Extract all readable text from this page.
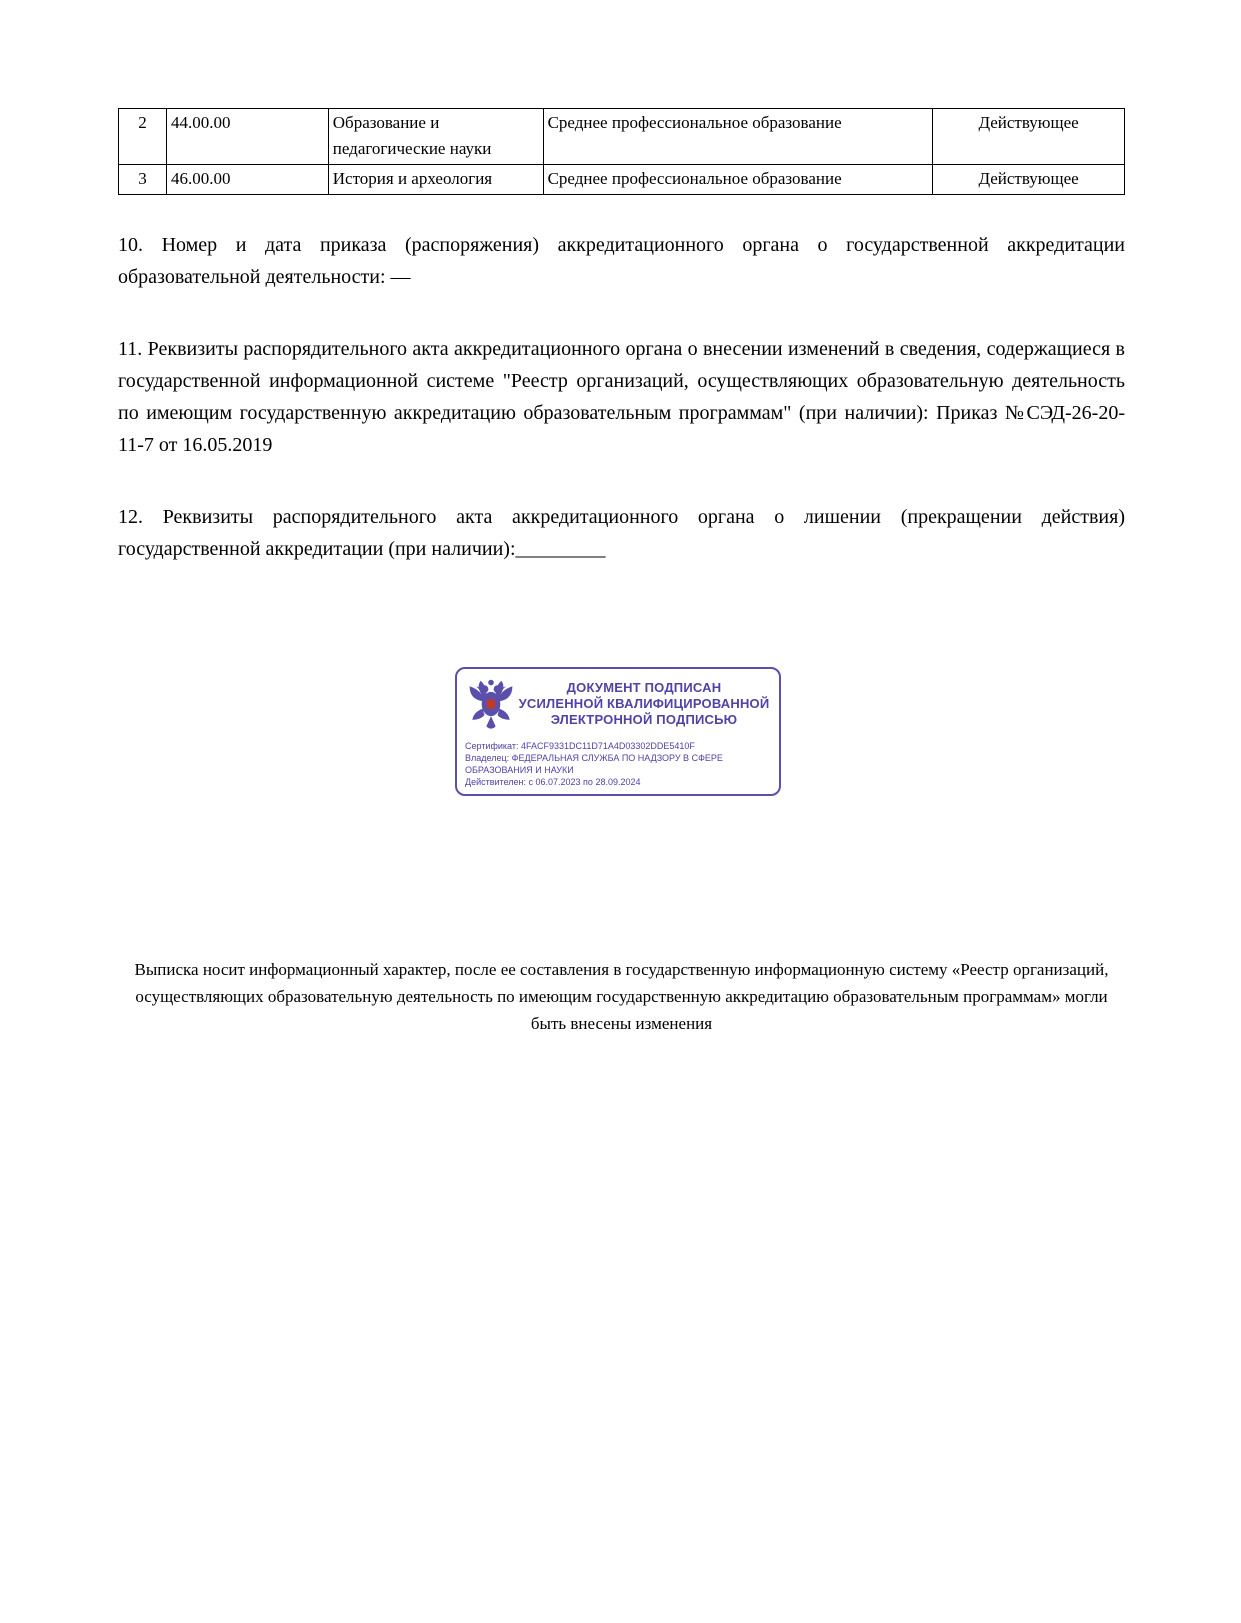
2	44.00.00	Образование и педагогические науки	Среднее профессиональное образование	Действующее
3	46.00.00	История и археология	Среднее профессиональное образование	Действующее

10. Номер и дата приказа (распоряжения) аккредитационного органа о государственной аккредитации образовательной деятельности: —

11. Реквизиты распорядительного акта аккредитационного органа о внесении изменений в сведения, содержащиеся в государственной информационной системе "Реестр организаций, осуществляющих образовательную деятельность по имеющим государственную аккредитацию образовательным программам" (при наличии): Приказ №СЭД-26-20-11-7 от 16.05.2019

12. Реквизиты распорядительного акта аккредитационного органа о лишении (прекращении действия) государственной аккредитации (при наличии):_________

ДОКУМЕНТ ПОДПИСАН
УСИЛЕННОЙ КВАЛИФИЦИРОВАННОЙ
ЭЛЕКТРОННОЙ ПОДПИСЬЮ
Сертификат: 4FACF9331DC11D71A4D03302DDE5410F
Владелец: ФЕДЕРАЛЬНАЯ СЛУЖБА ПО НАДЗОРУ В СФЕРЕ ОБРАЗОВАНИЯ И НАУКИ
Действителен: с 06.07.2023 по 28.09.2024
Выписка носит информационный характер, после ее составления в государственную информационную систему «Реестр организаций, осуществляющих образовательную деятельность по имеющим государственную аккредитацию образовательным программам» могли быть внесены изменения
